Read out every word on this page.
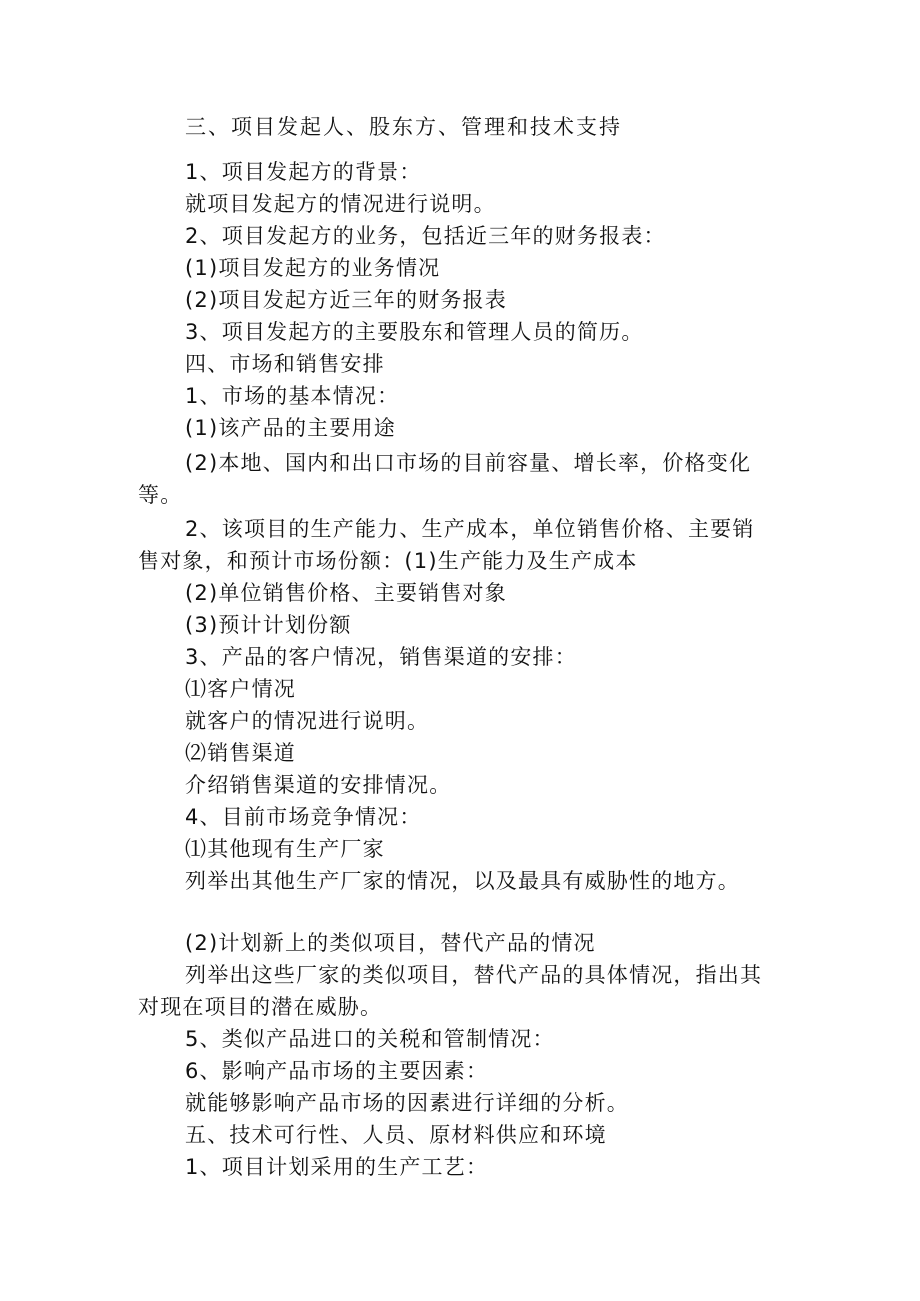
三、项目发起人、股东方、管理和技术支持
1、项目发起方的背景：
就项目发起方的情况进行说明。
2、项目发起方的业务，包括近三年的财务报表：
(1)项目发起方的业务情况
(2)项目发起方近三年的财务报表
3、项目发起方的主要股东和管理人员的简历。
四、市场和销售安排
1、市场的基本情况：
(1)该产品的主要用途
(2)本地、国内和出口市场的目前容量、增长率，价格变化
等。
2、该项目的生产能力、生产成本，单位销售价格、主要销
售对象，和预计市场份额：(1)生产能力及生产成本
(2)单位销售价格、主要销售对象
(3)预计计划份额
3、产品的客户情况，销售渠道的安排：
⑴客户情况
就客户的情况进行说明。
⑵销售渠道
介绍销售渠道的安排情况。
4、目前市场竞争情况：
⑴其他现有生产厂家
列举出其他生产厂家的情况，以及最具有威胁性的地方。
(2)计划新上的类似项目，替代产品的情况
列举出这些厂家的类似项目，替代产品的具体情况，指出其
对现在项目的潜在威胁。
5、类似产品进口的关税和管制情况：
6、影响产品市场的主要因素：
就能够影响产品市场的因素进行详细的分析。
五、技术可行性、人员、原材料供应和环境
1、项目计划采用的生产工艺：
